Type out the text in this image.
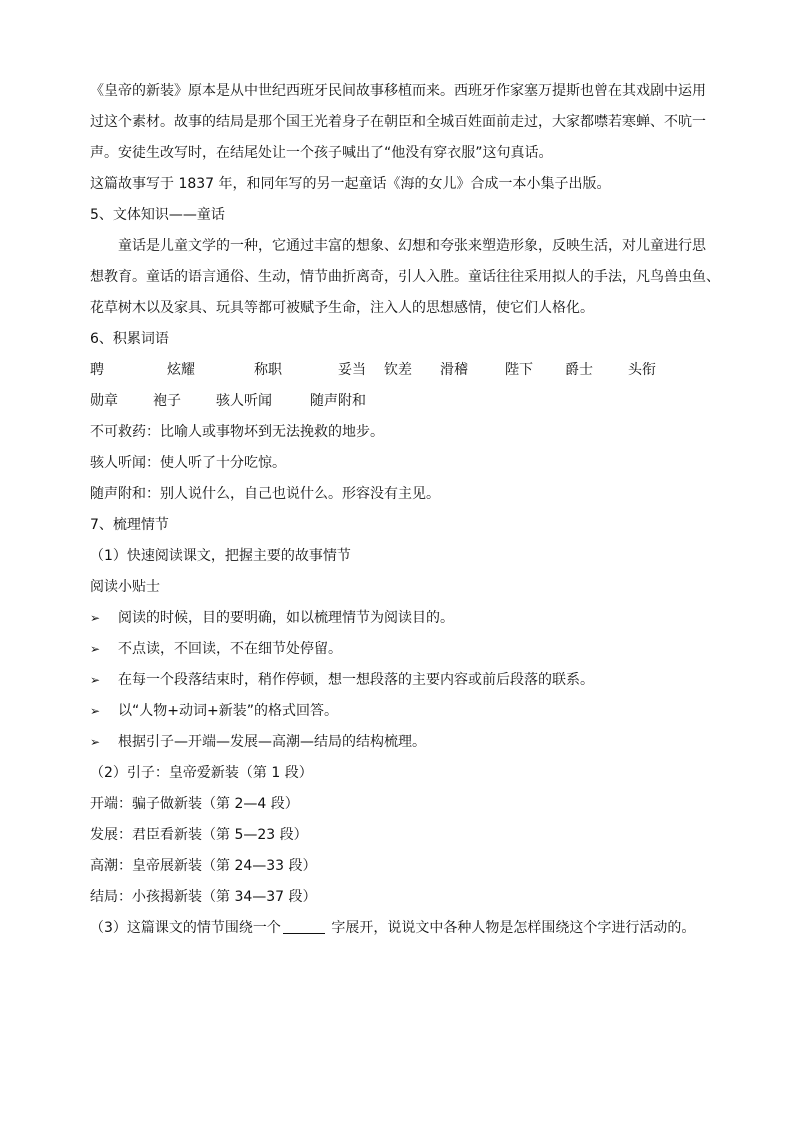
《皇帝的新装》原本是从中世纪西班牙民间故事移植而来。西班牙作家塞万提斯也曾在其戏剧中运用
过这个素材。故事的结局是那个国王光着身子在朝臣和全城百姓面前走过，大家都噤若寒蝉、不吭一
声。安徒生改写时，在结尾处让一个孩子喊出了“他没有穿衣服”这句真话。
这篇故事写于 1837 年，和同年写的另一起童话《海的女儿》合成一本小集子出版。
5、文体知识——童话
童话是儿童文学的一种，它通过丰富的想象、幻想和夸张来塑造形象，反映生活，对儿童进行思
想教育。童话的语言通俗、生动，情节曲折离奇，引人入胜。童话往往采用拟人的手法，凡鸟兽虫鱼、
花草树木以及家具、玩具等都可被赋予生命，注入人的思想感情，使它们人格化。
6、积累词语
聘	炫耀	称职	妥当 钦差 滑稽	陛下 爵士	头衔
勋章	袍子	骇人听闻	随声附和
不可救药：比喻人或事物坏到无法挽救的地步。
骇人听闻：使人听了十分吃惊。
随声附和：别人说什么，自己也说什么。形容没有主见。
7、梳理情节
（1）快速阅读课文，把握主要的故事情节
阅读小贴士
➢ 阅读的时候，目的要明确，如以梳理情节为阅读目的。
➢ 不点读，不回读，不在细节处停留。
➢ 在每一个段落结束时，稍作停顿，想一想段落的主要内容或前后段落的联系。
➢ 以“人物+动词+新装”的格式回答。
➢ 根据引子—开端—发展—高潮—结局的结构梳理。
（2）引子：皇帝爱新装（第 1 段）
开端：骗子做新装（第 2—4 段）
发展：君臣看新装（第 5—23 段）
高潮：皇帝展新装（第 24—33 段）
结局：小孩揭新装（第 34—37 段）
（3）这篇课文的情节围绕一个	字展开，说说文中各种人物是怎样围绕这个字进行活动的。
